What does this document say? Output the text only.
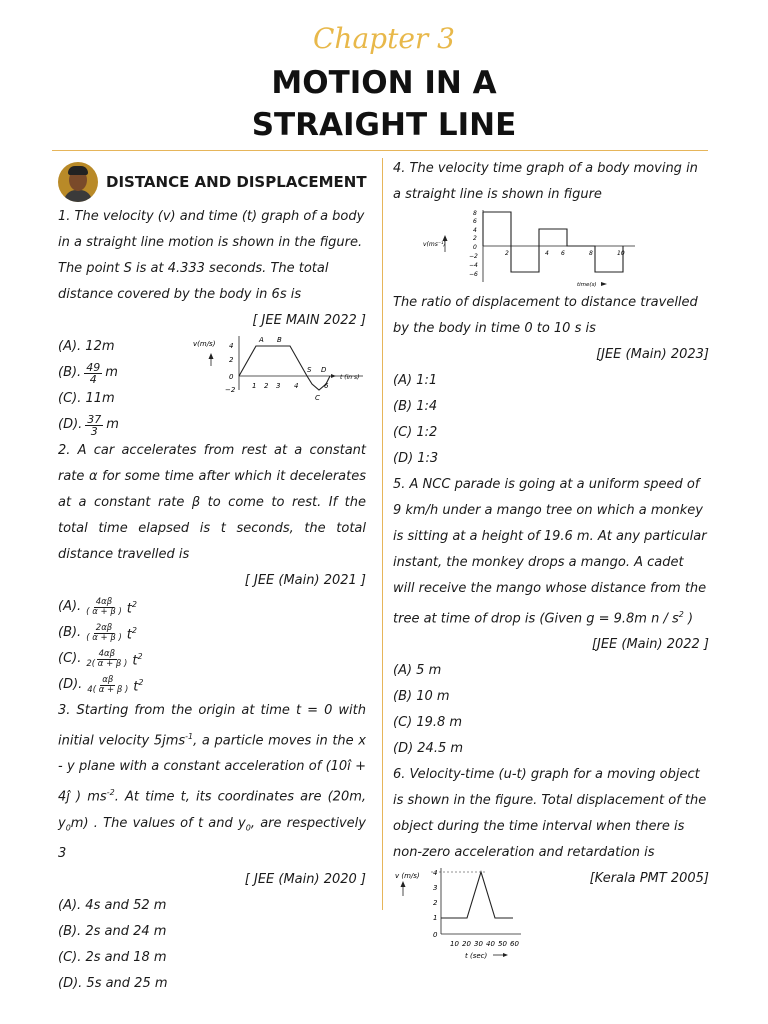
Chapter 3
MOTION IN A
STRAIGHT LINE
DISTANCE AND DISPLACEMENT

1. The velocity (v) and time (t) graph of a body in a straight line motion is shown in the figure. The point S is at 4.333 seconds. The total distance covered by the body in 6s is

[ JEE MAIN 2022 ]
(A). 12m
(B). $\frac{49}{4}$ m
(C). 11m
(D). $\frac{37}{3}$ m
v(m/s) 4
2
0
−2
A B
S D
C
t (in s)
1 2 3 4	6

2. A car accelerates from rest at a constant rate α for some time after which it decelerates at a constant rate β to come to rest. If the total time elapsed is t seconds, the total distance travelled is

[ JEE (Main) 2021 ]
(A). $\frac{4\alpha\beta}{( \alpha + \beta )} t^2$
(B). $\frac{2\alpha\beta}{( \alpha + \beta )} t^2$
(C). $\frac{4\alpha\beta}{2( \alpha + \beta )} t^2$
(D). $\frac{\alpha\beta}{4( \alpha + \beta )} t^2$

3. Starting from the origin at time t = 0 with initial velocity 5jms$^{-1}$, a particle moves in the x - y plane with a constant acceleration of (10î + 4ĵ ) $ms^{-2}$. At time t, its coordinates are (20m, $y_0m$) . The values of t and $y_0$, are respectively 3

[ JEE (Main) 2020 ]
(A). 4s and 52 m
(B). 2s and 24 m
(C). 2s and 18 m
(D). 5s and 25 m

4. The velocity time graph of a body moving in a straight line is shown in figure

v(ms⁻¹)
8
6
4
2
0
−2
−4
−6
2	4 6	8	10
time(s)

The ratio of displacement to distance travelled by the body in time 0 to 10 s is

[JEE (Main) 2023]
(A) 1:1
(B) 1:4
(C) 1:2
(D) 1:3

5. A NCC parade is going at a uniform speed of 9 km/h under a mango tree on which a monkey is sitting at a height of 19.6 m. At any particular instant, the monkey drops a mango. A cadet will receive the mango whose distance from the tree at time of drop is (Given g = 9.8m n / $s^2$ )

[JEE (Main) 2022 ]
(A) 5 m
(B) 10 m
(C) 19.8 m
(D) 24.5 m

6. Velocity-time (u-t) graph for a moving object is shown in the figure. Total displacement of the object during the time interval when there is non-zero acceleration and retardation is

[Kerala PMT 2005]
v (m/s) 4
3
2
1
0
10 20 30 40 50 60
t (sec)
